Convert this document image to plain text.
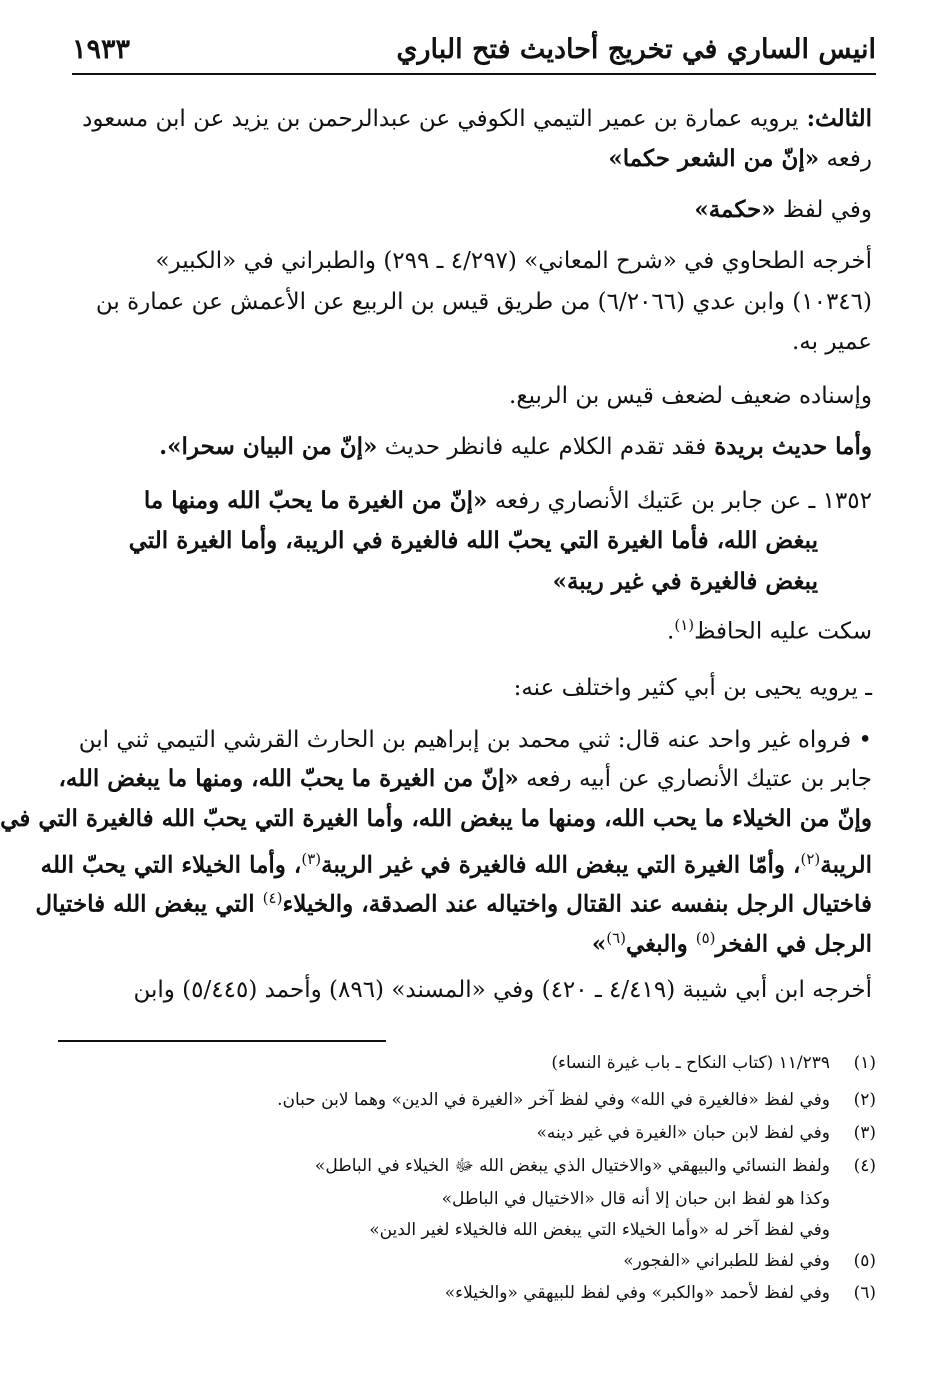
انيس الساري في تخريج أحاديث فتح الباري
١٩٣٣
الثالث: يرويه عمارة بن عمير التيمي الكوفي عن عبدالرحمن بن يزيد عن ابن مسعود
رفعه «إنّ من الشعر حكما»
وفي لفظ «حكمة»
أخرجه الطحاوي في «شرح المعاني» (٤/٢٩٧ ـ ٢٩٩) والطبراني في «الكبير»
(١٠٣٤٦) وابن عدي (٦/٢٠٦٦) من طريق قيس بن الربيع عن الأعمش عن عمارة بن
عمير به.
وإسناده ضعيف لضعف قيس بن الربيع.
وأما حديث بريدة فقد تقدم الكلام عليه فانظر حديث «إنّ من البيان سحرا».
١٣٥٢ ـ عن جابر بن عَتيك الأنصاري رفعه «إنّ من الغيرة ما يحبّ الله ومنها ما
يبغض الله، فأما الغيرة التي يحبّ الله فالغيرة في الريبة، وأما الغيرة التي
يبغض فالغيرة في غير ريبة»
سكت عليه الحافظ$^{(١)}$.
ـ يرويه يحيى بن أبي كثير واختلف عنه:
• فرواه غير واحد عنه قال: ثني محمد بن إبراهيم بن الحارث القرشي التيمي ثني ابن
جابر بن عتيك الأنصاري عن أبيه رفعه «إنّ من الغيرة ما يحبّ الله، ومنها ما يبغض الله،
وإنّ من الخيلاء ما يحب الله، ومنها ما يبغض الله، وأما الغيرة التي يحبّ الله فالغيرة التي في
الريبة$^{(٢)}$، وأمّا الغيرة التي يبغض الله فالغيرة في غير الريبة$^{(٣)}$، وأما الخيلاء التي يحبّ الله
فاختيال الرجل بنفسه عند القتال واختياله عند الصدقة، والخيلاء$^{(٤)}$ التي يبغض الله فاختيال
الرجل في الفخر$^{(٥)}$ والبغي$^{(٦)}$»
أخرجه ابن أبي شيبة (٤/٤١٩ ـ ٤٢٠) وفي «المسند» (٨٩٦) وأحمد (٥/٤٤٥) وابن
(١)١١/٢٣٩ (كتاب النكاح ـ باب غيرة النساء)
(٢)وفي لفظ «فالغيرة في الله» وفي لفظ آخر «الغيرة في الدين» وهما لابن حبان.
(٣)وفي لفظ لابن حبان «الغيرة في غير دينه»
(٤)ولفظ النسائي والبيهقي «والاختيال الذي يبغض الله ﷻ الخيلاء في الباطل»
وكذا هو لفظ ابن حبان إلا أنه قال «الاختيال في الباطل»
وفي لفظ آخر له «وأما الخيلاء التي يبغض الله فالخيلاء لغير الدين»
(٥)وفي لفظ للطبراني «الفجور»
(٦)وفي لفظ لأحمد «والكبر» وفي لفظ للبيهقي «والخيلاء»
